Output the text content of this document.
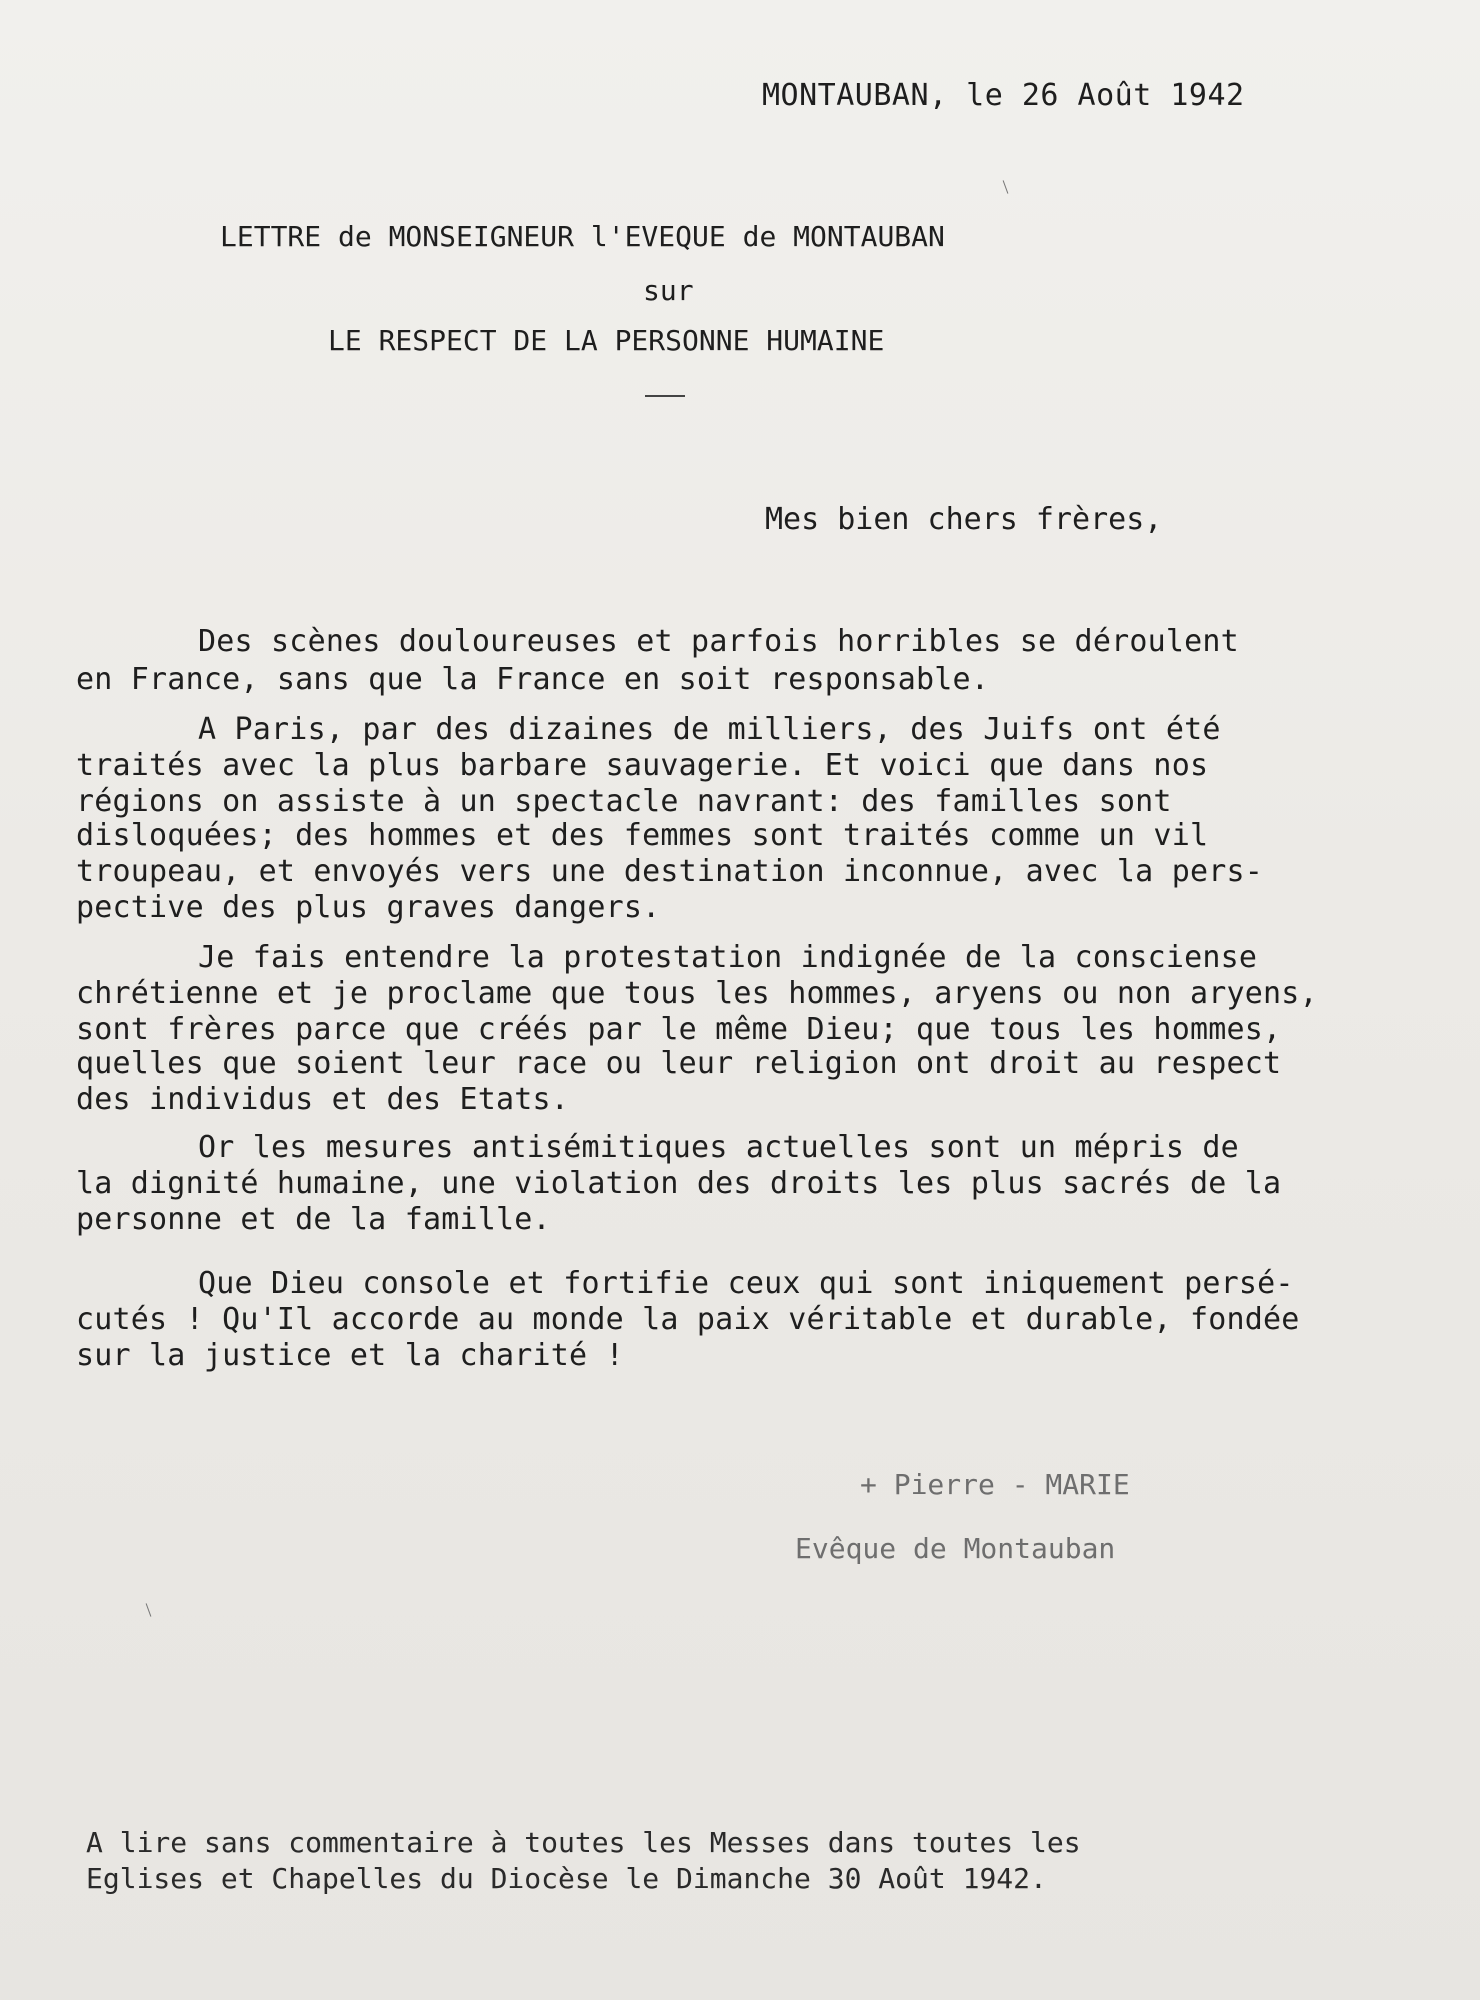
MONTAUBAN, le 26 Août 1942
LETTRE de MONSEIGNEUR l'EVEQUE de MONTAUBAN
sur
LE RESPECT DE LA PERSONNE HUMAINE
Mes bien chers frères,
Des scènes douloureuses et parfois horribles se déroulent
en France, sans que la France en soit responsable.
A Paris, par des dizaines de milliers, des Juifs ont été
traités avec la plus barbare sauvagerie. Et voici que dans nos
régions on assiste à un spectacle navrant: des familles sont
disloquées; des hommes et des femmes sont traités comme un vil
troupeau, et envoyés vers une destination inconnue, avec la pers-
pective des plus graves dangers.
Je fais entendre la protestation indignée de la consciense
chrétienne et je proclame que tous les hommes, aryens ou non aryens,
sont frères parce que créés par le même Dieu; que tous les hommes,
quelles que soient leur race ou leur religion ont droit au respect
des individus et des Etats.
Or les mesures antisémitiques actuelles sont un mépris de
la dignité humaine, une violation des droits les plus sacrés de la
personne et de la famille.
Que Dieu console et fortifie ceux qui sont iniquement persé-
cutés ! Qu'Il accorde au monde la paix véritable et durable, fondée
sur la justice et la charité !
+ Pierre - MARIE
Evêque de Montauban
A lire sans commentaire à toutes les Messes dans toutes les
Eglises et Chapelles du Diocèse le Dimanche 30 Août 1942.
